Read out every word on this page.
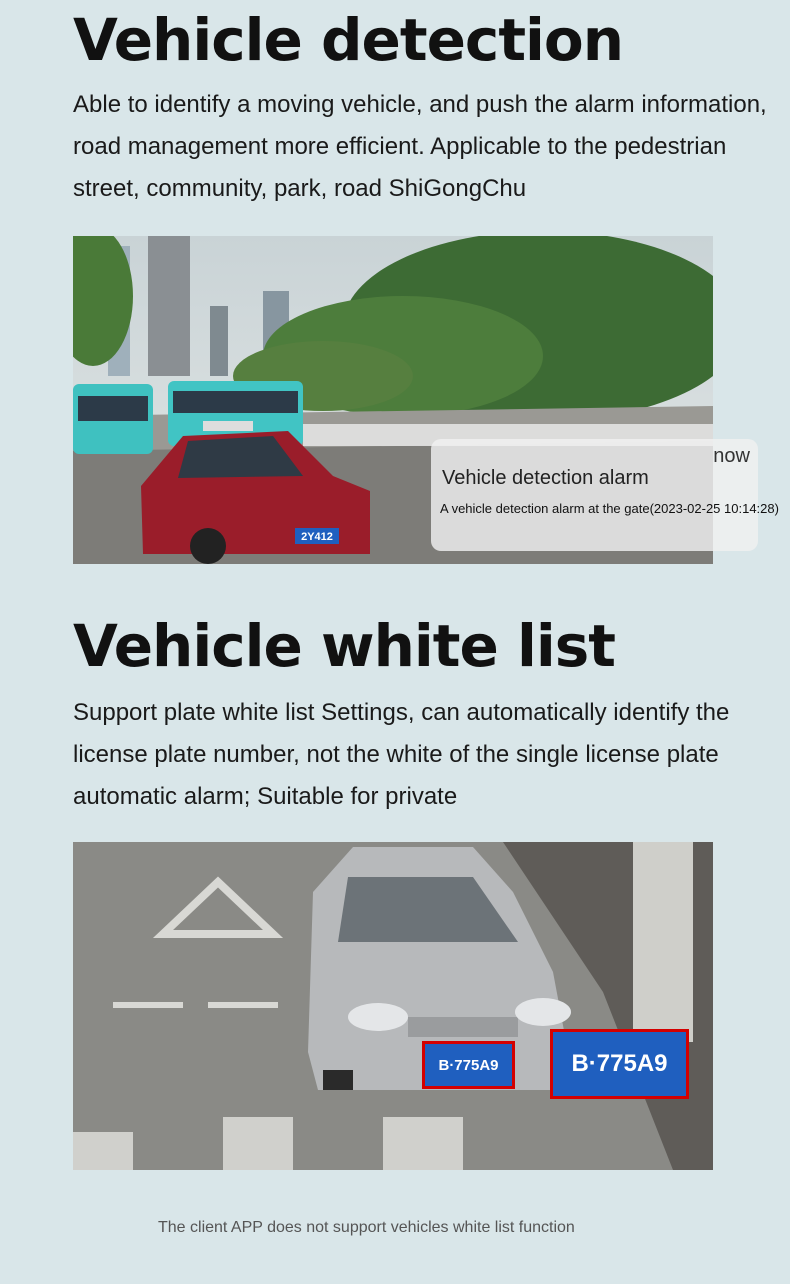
Vehicle detection

Able to identify a moving vehicle, and push the alarm information, road management more efficient. Applicable to the pedestrian street, community, park, road ShiGongChu

2Y412
now
Vehicle detection alarm
A vehicle detection alarm at the gate(2023-02-25 10:14:28)
Vehicle white list

Support plate white list Settings, can automatically identify the license plate number, not the white of the single license plate automatic alarm; Suitable for private

B·775A9	B·775A9
The client APP does not support vehicles white list function
